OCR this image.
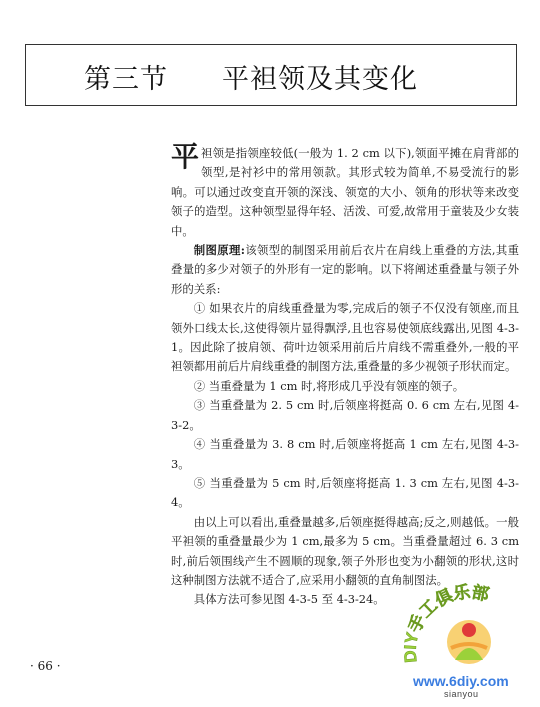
第三节 平袒领及其变化

平袒领是指领座较低(一般为 1. 2 cm 以下),领面平摊在肩背部的领型,是衬衫中的常用领款。其形式较为简单,不易受流行的影响。可以通过改变直开领的深浅、领宽的大小、领角的形状等来改变领子的造型。这种领型显得年轻、活泼、可爱,故常用于童装及少女装中。

制图原理:该领型的制图采用前后衣片在肩线上重叠的方法,其重叠量的多少对领子的外形有一定的影响。以下将阐述重叠量与领子外形的关系:

① 如果衣片的肩线重叠量为零,完成后的领子不仅没有领座,而且领外口线太长,这使得领片显得飘浮,且也容易使领底线露出,见图 4-3-1。因此除了披肩领、荷叶边领采用前后片肩线不需重叠外,一般的平袒领都用前后片肩线重叠的制图方法,重叠量的多少视领子形状而定。

② 当重叠量为 1 cm 时,将形成几乎没有领座的领子。

③ 当重叠量为 2. 5 cm 时,后领座将挺高 0. 6 cm 左右,见图 4-3-2。

④ 当重叠量为 3. 8 cm 时,后领座将挺高 1 cm 左右,见图 4-3-3。

⑤ 当重叠量为 5 cm 时,后领座将挺高 1. 3 cm 左右,见图 4-3-4。

由以上可以看出,重叠量越多,后领座挺得越高;反之,则越低。一般平袒领的重叠量最少为 1 cm,最多为 5 cm。当重叠量超过 6. 3 cm 时,前后领围线产生不圆顺的现象,领子外形也变为小翻领的形状,这时这种制图方法就不适合了,应采用小翻领的直角制图法。

具体方法可参见图 4-3-5 至 4-3-24。

· 66 ·
Y手工俱乐部
www.6diy.com
sianyou
